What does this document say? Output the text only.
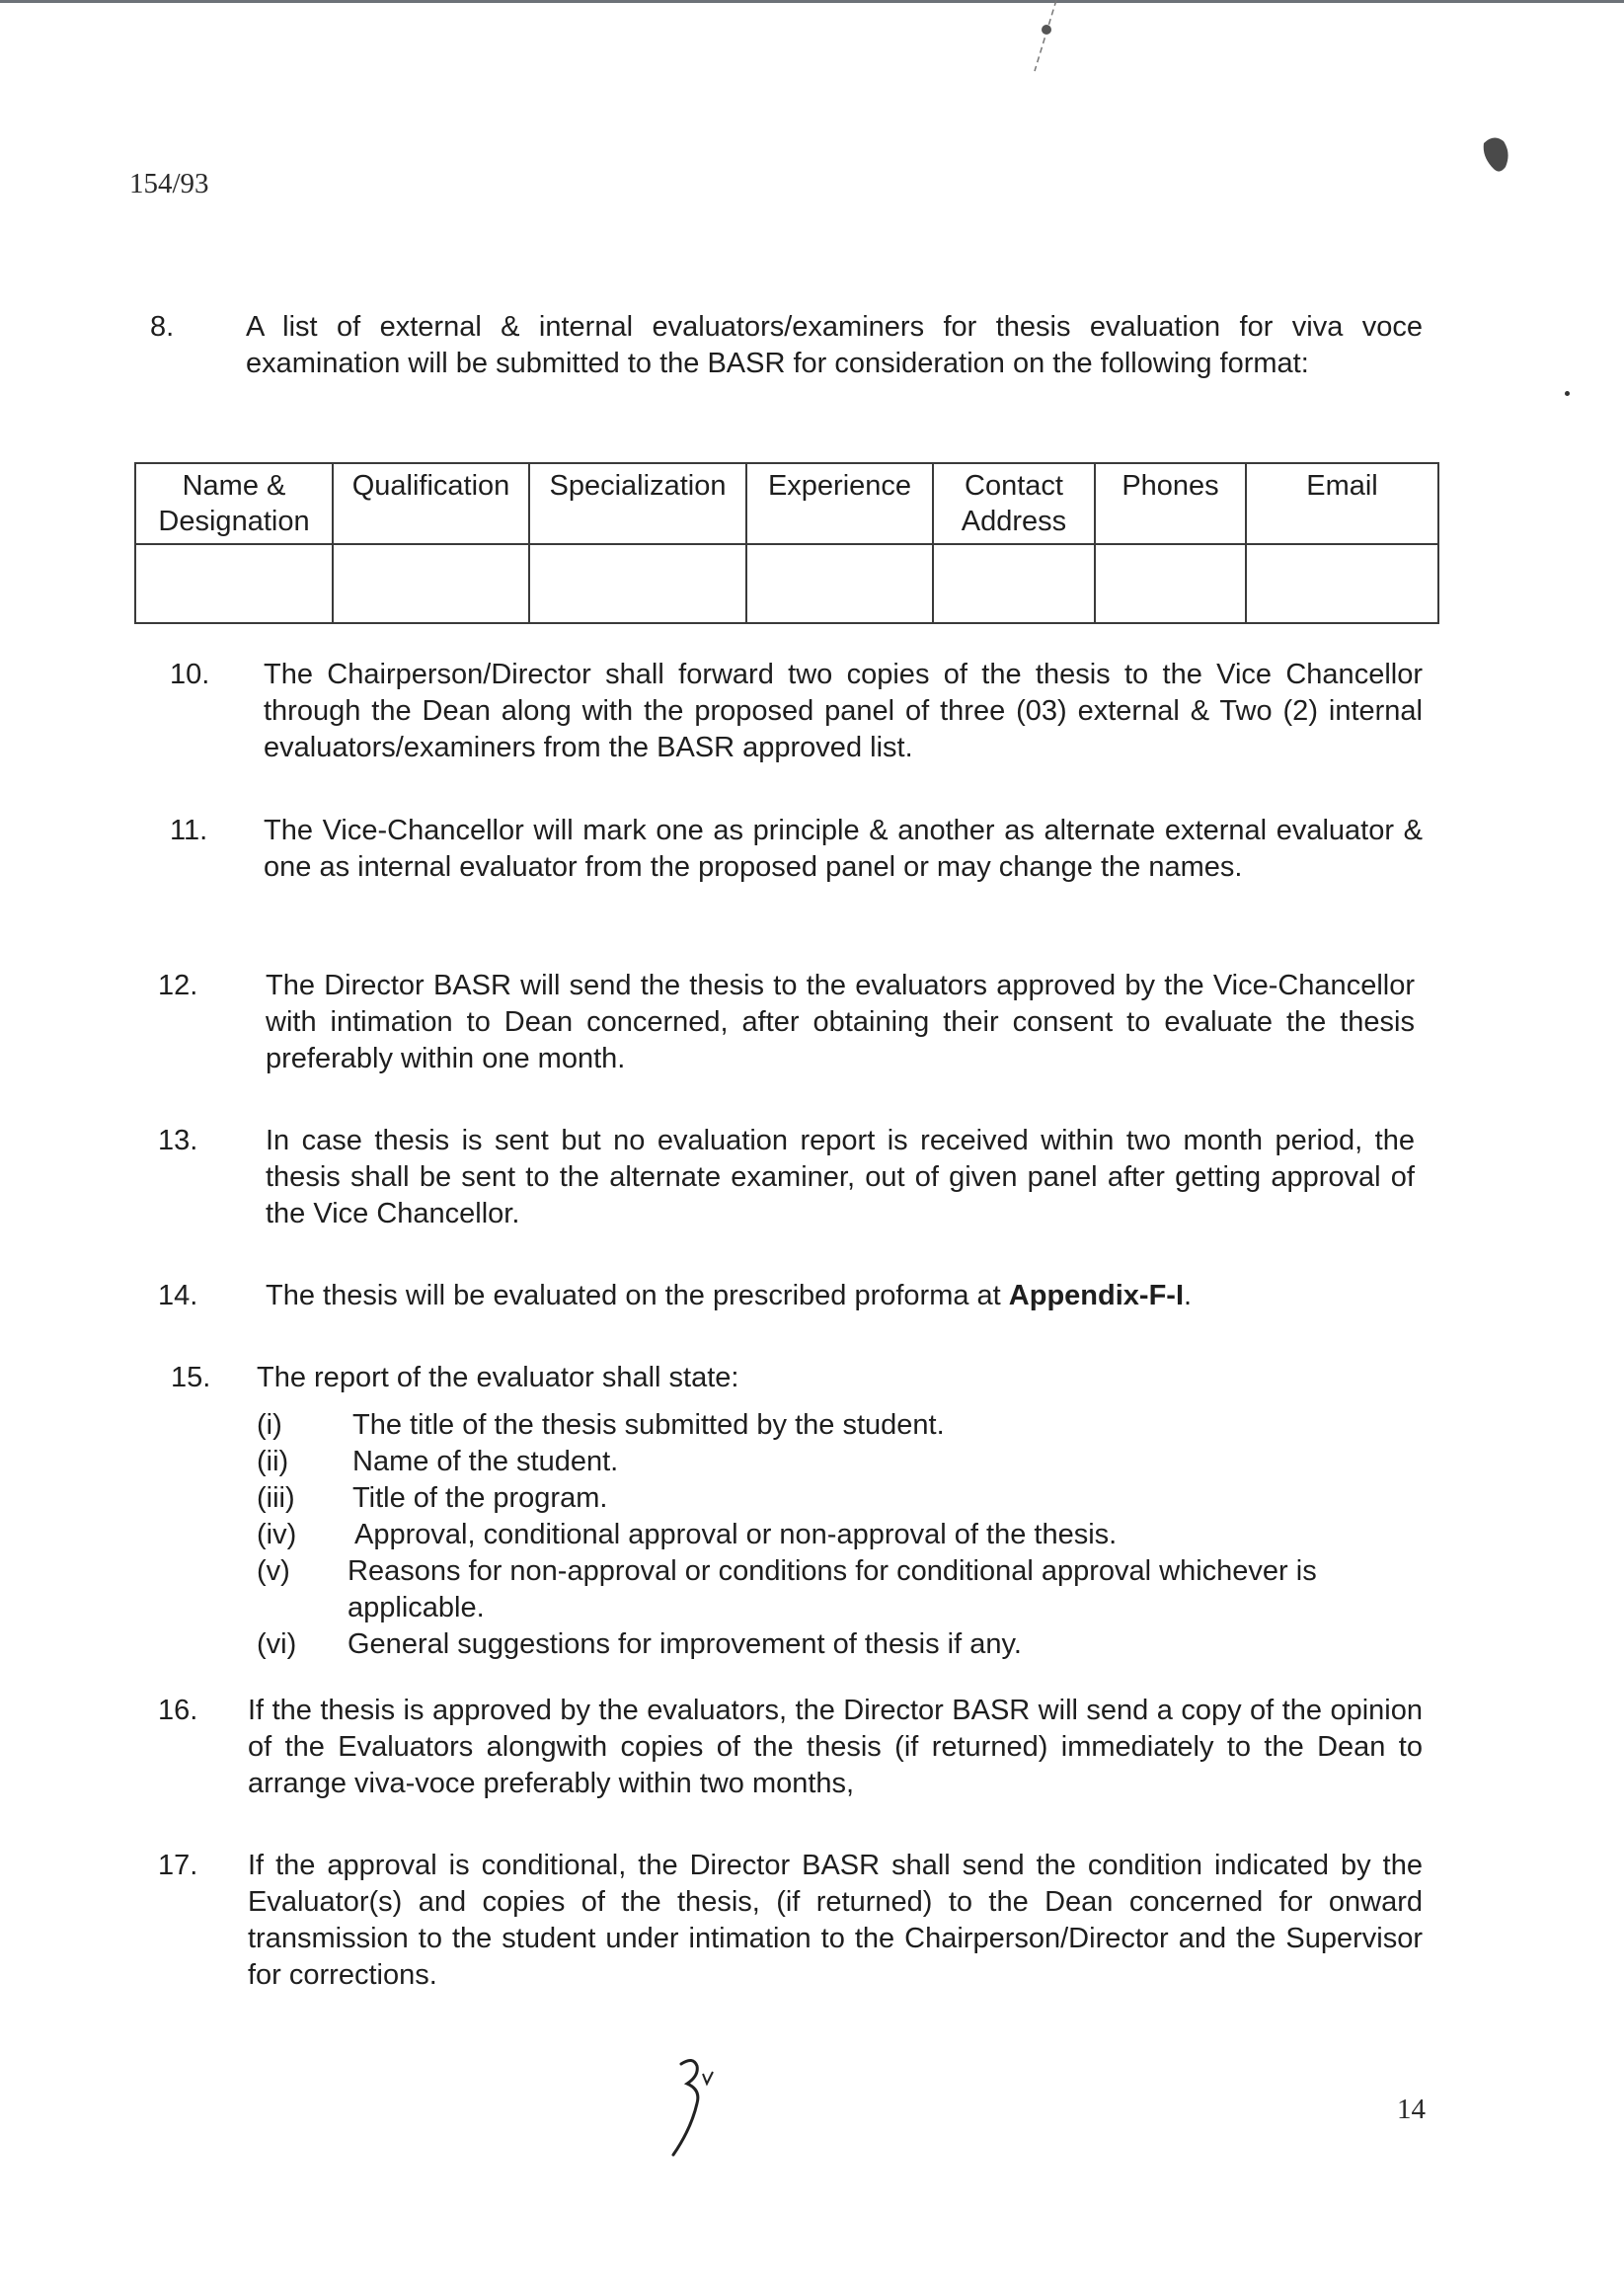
154/93
8.	A list of external & internal evaluators/examiners for thesis evaluation for viva voce examination will be submitted to the BASR for consideration on the following format:
Name & Designation	Qualification	Specialization	Experience	Contact Address	Phones	Email

10. The Chairperson/Director shall forward two copies of the thesis to the Vice Chancellor through the Dean along with the proposed panel of three (03) external & Two (2) internal evaluators/examiners from the BASR approved list.
11. The Vice-Chancellor will mark one as principle & another as alternate external evaluator & one as internal evaluator from the proposed panel or may change the names.
12. The Director BASR will send the thesis to the evaluators approved by the Vice-Chancellor with intimation to Dean concerned, after obtaining their consent to evaluate the thesis preferably within one month.
13. In case thesis is sent but no evaluation report is received within two month period, the thesis shall be sent to the alternate examiner, out of given panel after getting approval of the Vice Chancellor.
14. The thesis will be evaluated on the prescribed proforma at Appendix-F-I.
15. The report of the evaluator shall state:
(i) The title of the thesis submitted by the student.
(ii) Name of the student.
(iii) Title of the program.
(iv) Approval, conditional approval or non-approval of the thesis.
(v) Reasons for non-approval or conditions for conditional approval whichever is applicable.
(vi) General suggestions for improvement of thesis if any.
16. If the thesis is approved by the evaluators, the Director BASR will send a copy of the opinion of the Evaluators alongwith copies of the thesis (if returned) immediately to the Dean to arrange viva-voce preferably within two months,
17. If the approval is conditional, the Director BASR shall send the condition indicated by the Evaluator(s) and copies of the thesis, (if returned) to the Dean concerned for onward transmission to the student under intimation to the Chairperson/Director and the Supervisor for corrections.
14
